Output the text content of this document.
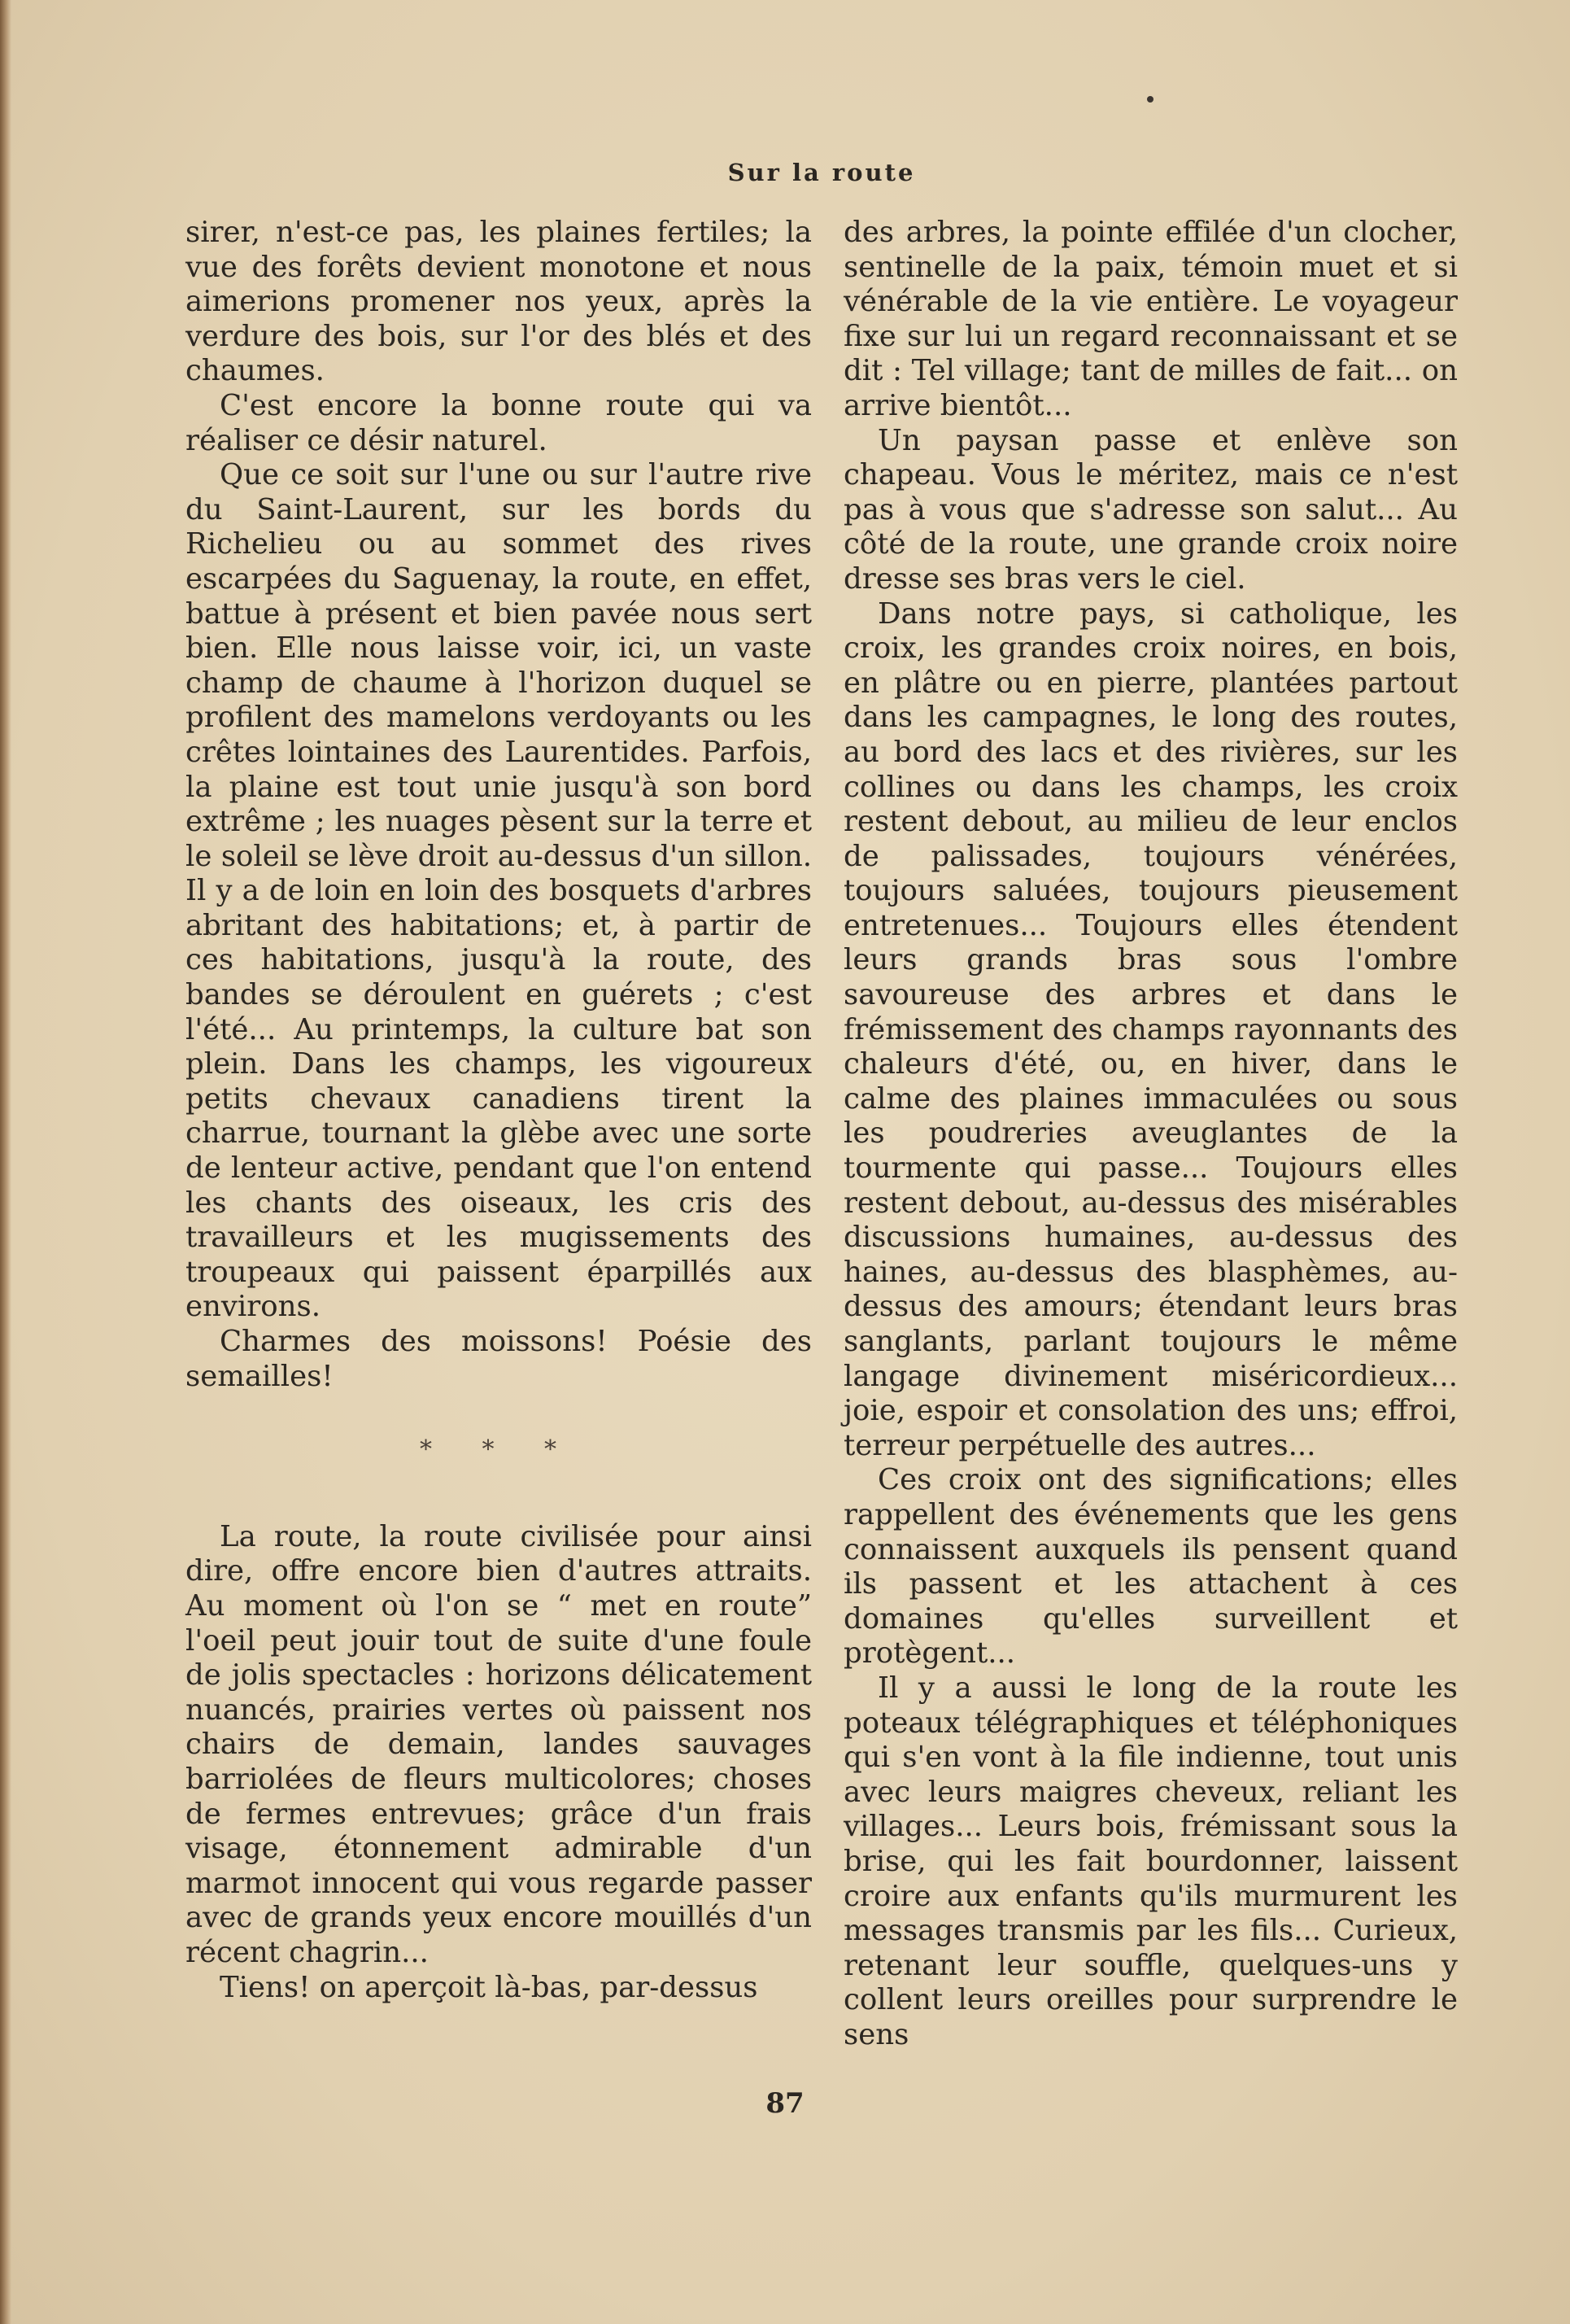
Sur la route

sirer, n'est-ce pas, les plaines fertiles; la vue des forêts devient monotone et nous aimerions promener nos yeux, après la verdure des bois, sur l'or des blés et des chaumes.

C'est encore la bonne route qui va réaliser ce désir naturel.

Que ce soit sur l'une ou sur l'autre rive du Saint-Laurent, sur les bords du Richelieu ou au sommet des rives escarpées du Saguenay, la route, en effet, battue à présent et bien pavée nous sert bien. Elle nous laisse voir, ici, un vaste champ de chaume à l'horizon duquel se profilent des mamelons verdoyants ou les crêtes lointaines des Laurentides. Parfois, la plaine est tout unie jusqu'à son bord extrême ; les nuages pèsent sur la terre et le soleil se lève droit au-dessus d'un sillon. Il y a de loin en loin des bosquets d'arbres abritant des habitations; et, à partir de ces habitations, jusqu'à la route, des bandes se déroulent en guérets ; c'est l'été... Au printemps, la culture bat son plein. Dans les champs, les vigoureux petits chevaux canadiens tirent la charrue, tournant la glèbe avec une sorte de lenteur active, pendant que l'on entend les chants des oiseaux, les cris des travailleurs et les mugissements des troupeaux qui paissent éparpillés aux environs.

Charmes des moissons! Poésie des semailles!

* * *

La route, la route civilisée pour ainsi dire, offre encore bien d'autres attraits. Au moment où l'on se “ met en route” l'oeil peut jouir tout de suite d'une foule de jolis spectacles : horizons délicatement nuancés, prairies vertes où paissent nos chairs de demain, landes sauvages barriolées de fleurs multicolores; choses de fermes entrevues; grâce d'un frais visage, étonnement admirable d'un marmot innocent qui vous regarde passer avec de grands yeux encore mouillés d'un récent chagrin...

Tiens! on aperçoit là-bas, par-dessus

des arbres, la pointe effilée d'un clocher, sentinelle de la paix, témoin muet et si vénérable de la vie entière. Le voyageur fixe sur lui un regard reconnaissant et se dit : Tel village; tant de milles de fait... on arrive bientôt...

Un paysan passe et enlève son chapeau. Vous le méritez, mais ce n'est pas à vous que s'adresse son salut... Au côté de la route, une grande croix noire dresse ses bras vers le ciel.

Dans notre pays, si catholique, les croix, les grandes croix noires, en bois, en plâtre ou en pierre, plantées partout dans les campagnes, le long des routes, au bord des lacs et des rivières, sur les collines ou dans les champs, les croix restent debout, au milieu de leur enclos de palissades, toujours vénérées, toujours saluées, toujours pieusement entretenues... Toujours elles étendent leurs grands bras sous l'ombre savoureuse des arbres et dans le frémissement des champs rayonnants des chaleurs d'été, ou, en hiver, dans le calme des plaines immaculées ou sous les poudreries aveuglantes de la tourmente qui passe... Toujours elles restent debout, au-dessus des misérables discussions humaines, au-dessus des haines, au-dessus des blasphèmes, au-dessus des amours; étendant leurs bras sanglants, parlant toujours le même langage divinement miséricordieux... joie, espoir et consolation des uns; effroi, terreur perpétuelle des autres...

Ces croix ont des significations; elles rappellent des événements que les gens connaissent auxquels ils pensent quand ils passent et les attachent à ces domaines qu'elles surveillent et protègent...

Il y a aussi le long de la route les poteaux télégraphiques et téléphoniques qui s'en vont à la file indienne, tout unis avec leurs maigres cheveux, reliant les villages... Leurs bois, frémissant sous la brise, qui les fait bourdonner, laissent croire aux enfants qu'ils murmurent les messages transmis par les fils... Curieux, retenant leur souffle, quelques-uns y collent leurs oreilles pour surprendre le sens

87
